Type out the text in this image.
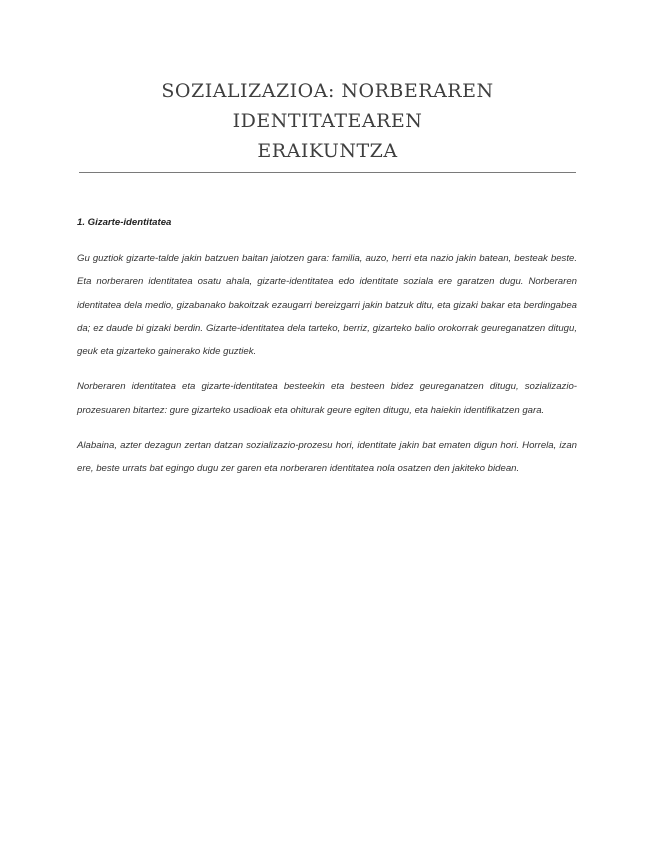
SOZIALIZAZIOA: NORBERAREN IDENTITATEAREN
ERAIKUNTZA

1. Gizarte-identitatea

Gu guztiok gizarte-talde jakin batzuen baitan jaiotzen gara: familia, auzo, herri eta nazio jakin batean, besteak beste. Eta norberaren identitatea osatu ahala, gizarte-identitatea edo identitate soziala ere garatzen dugu. Norberaren identitatea dela medio, gizabanako bakoitzak ezaugarri bereizgarri jakin batzuk ditu, eta gizaki bakar eta berdingabea da; ez daude bi gizaki berdin. Gizarte-identitatea dela tarteko, berriz, gizarteko balio orokorrak geureganatzen ditugu, geuk eta gizarteko gainerako kide guztiek.

Norberaren identitatea eta gizarte-identitatea besteekin eta besteen bidez geureganatzen ditugu, sozializazio-prozesuaren bitartez: gure gizarteko usadioak eta ohiturak geure egiten ditugu, eta haiekin identifikatzen gara.

Alabaina, azter dezagun zertan datzan sozializazio-prozesu hori, identitate jakin bat ematen digun hori. Horrela, izan ere, beste urrats bat egingo dugu zer garen eta norberaren identitatea nola osatzen den jakiteko bidean.
